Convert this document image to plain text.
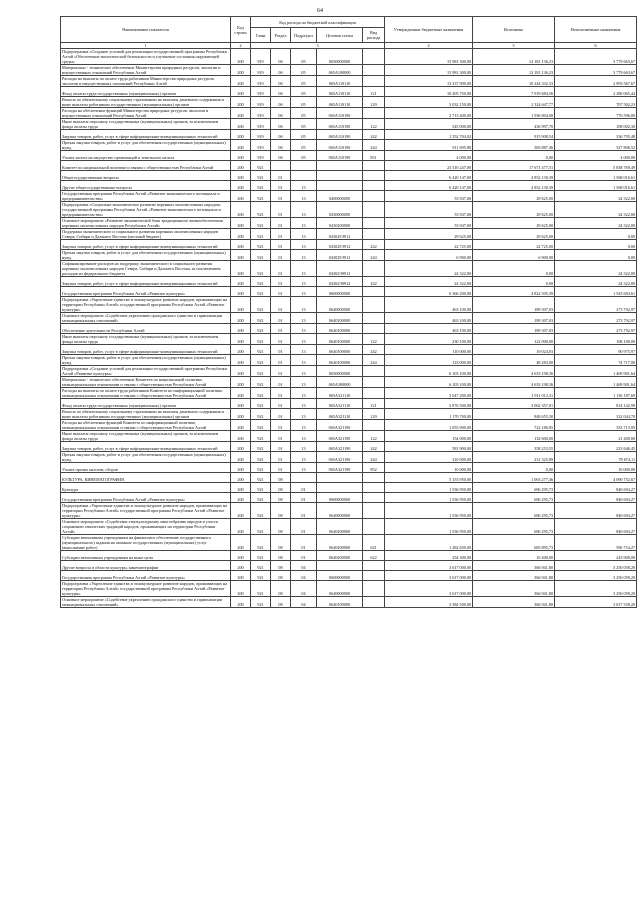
64
Наименование показателя	Код строки	Код расхода по бюджетной классификации					Утвержденные бюджетные назначения	Исполнено	Неисполненные назначения
		Глава	Раздел	Подраздел	Целевая статья	Вид расхода			
1	2	3					4	5	6
Подпрограмма «Создание условий для реализации государственной программы Республики Алтай «Обеспечение экологической безопасности и улучшение состояния окружающей среды»	200	919	06	05	0650000000		15 981 300,00	12 181 136,23	3 779 663,67
Материально - техническое обеспечение Министерства природных ресурсов, экологии и имущественных отношений Республики Алтай	200	919	06	05	065А100000		15 981 300,00	12 181 136,23	3 779 663,67
Расходы на выплаты по оплате труда работников Министерства природных ресурсов, экологии и имущественных отношений Республики Алтай	200	919	06	05	065А110110		13 237 900,00	10 244 332,33	2 993 567,67
Фонд оплаты труда государственных (муниципальных) органов	200	919	06	05	065А110110	121	10 205 750,00	7 919 684,56	2 286 065,44
Взносы по обязательному социальному страхованию на выплаты денежного содержания и иные выплаты работникам государственных (муниципальных) органов	200	919	06	05	065А110110	129	3 032 150,00	2 324 647,77	707 502,23
Расходы на обеспечение функций Министерства природных ресурсов, экологии и имущественных отношений Республики Алтай	200	919	06	05	065А110190		2 713 400,00	1 936 804,00	776 596,00
Иные выплаты персоналу государственных (муниципальных) органов, за исключением фонда оплаты труда	200	919	06	05	065А110190	122	545 000,00	436 997,70	108 002,30
Закупка товаров, работ, услуг в сфере информационно-коммуникационных технологий	200	919	06	05	065А110190	242	1 252 704,02	915 908,54	336 795,48
Прочая закупка товаров, работ и услуг для обеспечения государственных (муниципальных) нужд	200	919	06	05	065А110190	244	911 695,98	583 887,46	327 808,52
Уплата налога на имущество организаций и земельного налога	200	919	06	05	065А110190	851	4 000,00	0,00	4 000,00
Комитет по национальной политике и связям с общественностью Республики Алтай	200	921					23 510 247,00	17 671 477,51	5 838 769,49
Общегосударственные вопросы	200	921	01				6 420 147,00	4 852 130,39	1 568 016,61
Другие общегосударственные вопросы	200	921	01	13			6 420 147,00	4 852 130,39	1 568 016,61
Государственная программа Республики Алтай «Развитие экономического потенциала и предпринимательства»	200	921	01	13	0400000000		53 947,00	29 625,00	24 322,00
Подпрограмма «Социально-экономическое развитие коренных малочисленных народов» государственной программы Республики Алтай «Развитие экономического потенциала и предпринимательства»	200	921	01	13	0430000000		53 947,00	29 625,00	24 322,00
Основное мероприятие «Развитие экономической базы традиционного жизнеобеспечения коренных малочисленных народов Республики Алтай»	200	921	01	13	0430200000		53 947,00	29 625,00	24 322,00
Поддержка экономического и социального развития коренных малочисленных народов Севера, Сибири и Дальнего Востока (местный бюджет)	200	921	01	13	043025Э912		29 625,00	29 625,00	0,00
Закупка товаров, работ, услуг в сфере информационно-коммуникационных технологий	200	921	01	13	043025Э912	242	22 725,00	22 725,00	0,00
Прочая закупка товаров, работ и услуг для обеспечения государственных (муниципальных) нужд	200	921	01	13	043025Э912	244	6 900,00	6 900,00	0,00
Софинансирование расходов на поддержку экономического и социального развития коренных малочисленных народов Севера, Сибири и Дальнего Востока, за исключением расходов из федерального бюджета	200	921	01	13	04302Э0912		24 322,00	0,00	24 322,00
Закупка товаров, работ, услуг в сфере информационно-коммуникационных технологий	200	921	01	13	04302Э0912	242	24 322,00	0,00	24 322,00
Государственная программа Республики Алтай «Развитие культуры»	200	921	01	13	0600000000		6 366 200,00	4 822 505,39	1 543 694,61
Подпрограмма «Укрепление единства и этнокультурное развитие народов, проживающих на территории Республики Алтай» государственной программы Республики Алтай «Развитие культуры»	200	921	01	13	0640000000		463 100,00	189 307,03	273 792,97
Основное мероприятие «Содействие укреплению гражданского единства и гармонизации межнациональных отношений»	200	921	01	13	0640100000		463 100,00	189 307,03	273 792,97
Обеспечение деятельности Республики Алтай	200	921	01	13	0640100000		463 100,00	189 307,03	273 792,97
Иные выплаты персоналу государственных (муниципальных) органов, за исключением фонда оплаты труда	200	921	01	13	0640100000	122	230 100,00	122 000,00	108 100,00
Закупка товаров, работ, услуг в сфере информационно-коммуникационных технологий	200	921	01	13	0640100000	242	110 000,00	19 024,03	90 975,97
Прочая закупка товаров, работ и услуг для обеспечения государственных (муниципальных) нужд	200	921	01	13	0640100000	244	123 000,00	48 283,00	74 717,00
Подпрограмма «Создание условий для реализации государственной программы Республики Алтай «Развитие культуры»	200	921	01	13	0650000000		6 103 100,00	4 633 198,36	1 469 901,64
Материально - техническое обеспечение Комитета по национальной политике, межнациональным отношениям и связям с общественностью Республики Алтай	200	921	01	13	065А300000		6 103 100,00	4 633 198,36	1 469 901,64
Расходы на выплаты по оплате труда работников Комитета по информационной политике, межнациональным отношениям и связям с общественностью Республики Алтай	200	921	01	13	065А321110		5 047 200,00	3 911 012,31	1 136 187,69
Фонд оплаты труда государственных (муниципальных) органов	200	921	01	13	065А321110	121	3 876 500,00	3 062 357,01	814 142,99
Взносы по обязательному социальному страхованию на выплаты денежного содержания и иные выплаты работникам государственных (муниципальных) органов	200	921	01	13	065А321110	129	1 170 700,00	848 655,30	322 044,70
Расходы на обеспечение функций Комитета по информационной политике, межнациональным отношениям и связям с общественностью Республики Алтай	200	921	01	13	065А321190		1 055 900,00	722 186,05	333 713,95
Иные выплаты персоналу государственных (муниципальных) органов, за исключением фонда оплаты труда	200	921	01	13	065А321190	122	154 000,00	132 600,00	21 400,00
Закупка товаров, работ, услуг в сфере информационно-коммуникационных технологий	200	921	01	13	065А321190	242	581 900,00	358 253,55	223 646,45
Прочая закупка товаров, работ и услуг для обеспечения государственных (муниципальных) нужд	200	921	01	13	065А321190	244	310 000,00	231 325,89	78 674,11
Уплата прочих налогов, сборов	200	921	01	13	065А321190	852	10 000,00	0,00	10 000,00
КУЛЬТУРА, КИНЕМАТОГРАФИЯ	200	921	08				5 153 950,00	1 063 277,46	4 090 752,67
Культура	200	921	08	01			1 536 950,00	696 295,73	840 694,27
Государственная программа Республики Алтай «Развитие культуры»	200	921	08	01	0600000000		1 536 950,00	696 295,73	840 694,27
Подпрограмма «Укрепление единства и этнокультурное развитие народов, проживающих на территории Республики Алтай» государственной программы Республики Алтай «Развитие культуры»	200	921	08	01	0640000000		1 536 950,00	696 295,73	840 694,27
Основное мероприятие «Содействие этнокультурному многообразию народов и участи сохранению этнических традиций народов, проживающих на территории Республики Алтай»	200	921	08	01	0640200000		1 536 950,00	696 295,73	840 694,27
Субсидии автономным учреждениям на финансовое обеспечение государственного (муниципального) задания на оказание государственных (муниципальных) услуг (выполнение работ)	200	921	08	01	0640200000	621	1 282 650,00	685 895,73	596 754,27
Субсидии автономным учреждениям на иные цели	200	921	08	01	0640200000	622	254 300,00	10 400,00	243 900,00
Другие вопросы в области культуры, кинематографии	200	921	08	04			3 617 000,00	366 941,80	3 250 058,20
Государственная программа Республики Алтай «Развитие культуры»	200	921	08	04	0600000000		3 617 000,00	366 941,80	3 250 058,20
Подпрограмма «Укрепление единства и этнокультурное развитие народов, проживающих на территории Республики Алтай» государственной программы Республики Алтай «Развитие культуры»	200	921	08	04	0640000000		3 617 000,00	366 941,80	3 250 058,20
Основное мероприятие «Содействие укреплению гражданского единства и гармонизации межнациональных отношений»	200	921	08	04	0640100000		3 384 500,00	366 941,80	3 017 558,20
